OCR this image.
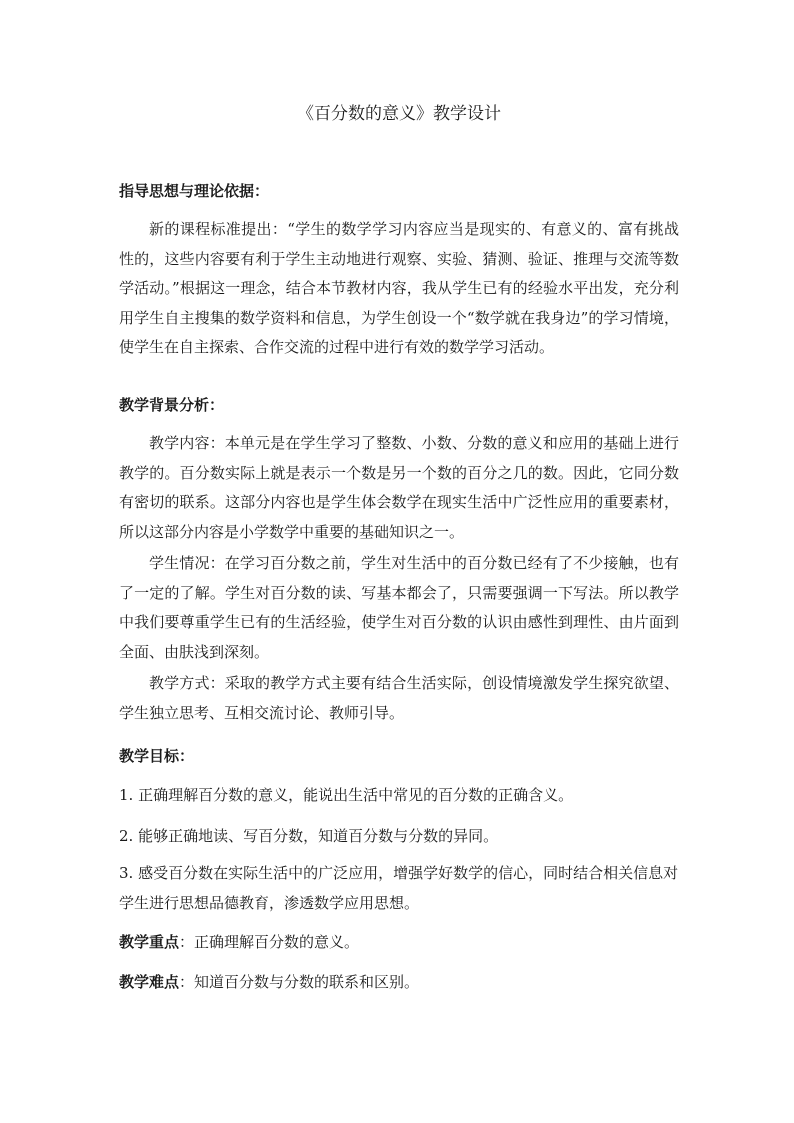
《百分数的意义》教学设计
指导思想与理论依据：

新的课程标准提出：“学生的数学学习内容应当是现实的、有意义的、富有挑战性的，这些内容要有利于学生主动地进行观察、实验、猜测、验证、推理与交流等数学活动。”根据这一理念，结合本节教材内容，我从学生已有的经验水平出发，充分利用学生自主搜集的数学资料和信息，为学生创设一个“数学就在我身边”的学习情境，使学生在自主探索、合作交流的过程中进行有效的数学学习活动。

教学背景分析：

教学内容：本单元是在学生学习了整数、小数、分数的意义和应用的基础上进行教学的。百分数实际上就是表示一个数是另一个数的百分之几的数。因此，它同分数有密切的联系。这部分内容也是学生体会数学在现实生活中广泛性应用的重要素材，所以这部分内容是小学数学中重要的基础知识之一。

学生情况：在学习百分数之前，学生对生活中的百分数已经有了不少接触，也有了一定的了解。学生对百分数的读、写基本都会了，只需要强调一下写法。所以教学中我们要尊重学生已有的生活经验，使学生对百分数的认识由感性到理性、由片面到全面、由肤浅到深刻。

教学方式：采取的教学方式主要有结合生活实际，创设情境激发学生探究欲望、学生独立思考、互相交流讨论、教师引导。

教学目标：

1. 正确理解百分数的意义，能说出生活中常见的百分数的正确含义。

2. 能够正确地读、写百分数，知道百分数与分数的异同。

3. 感受百分数在实际生活中的广泛应用，增强学好数学的信心，同时结合相关信息对学生进行思想品德教育，渗透数学应用思想。

教学重点：正确理解百分数的意义。

教学难点：知道百分数与分数的联系和区别。
